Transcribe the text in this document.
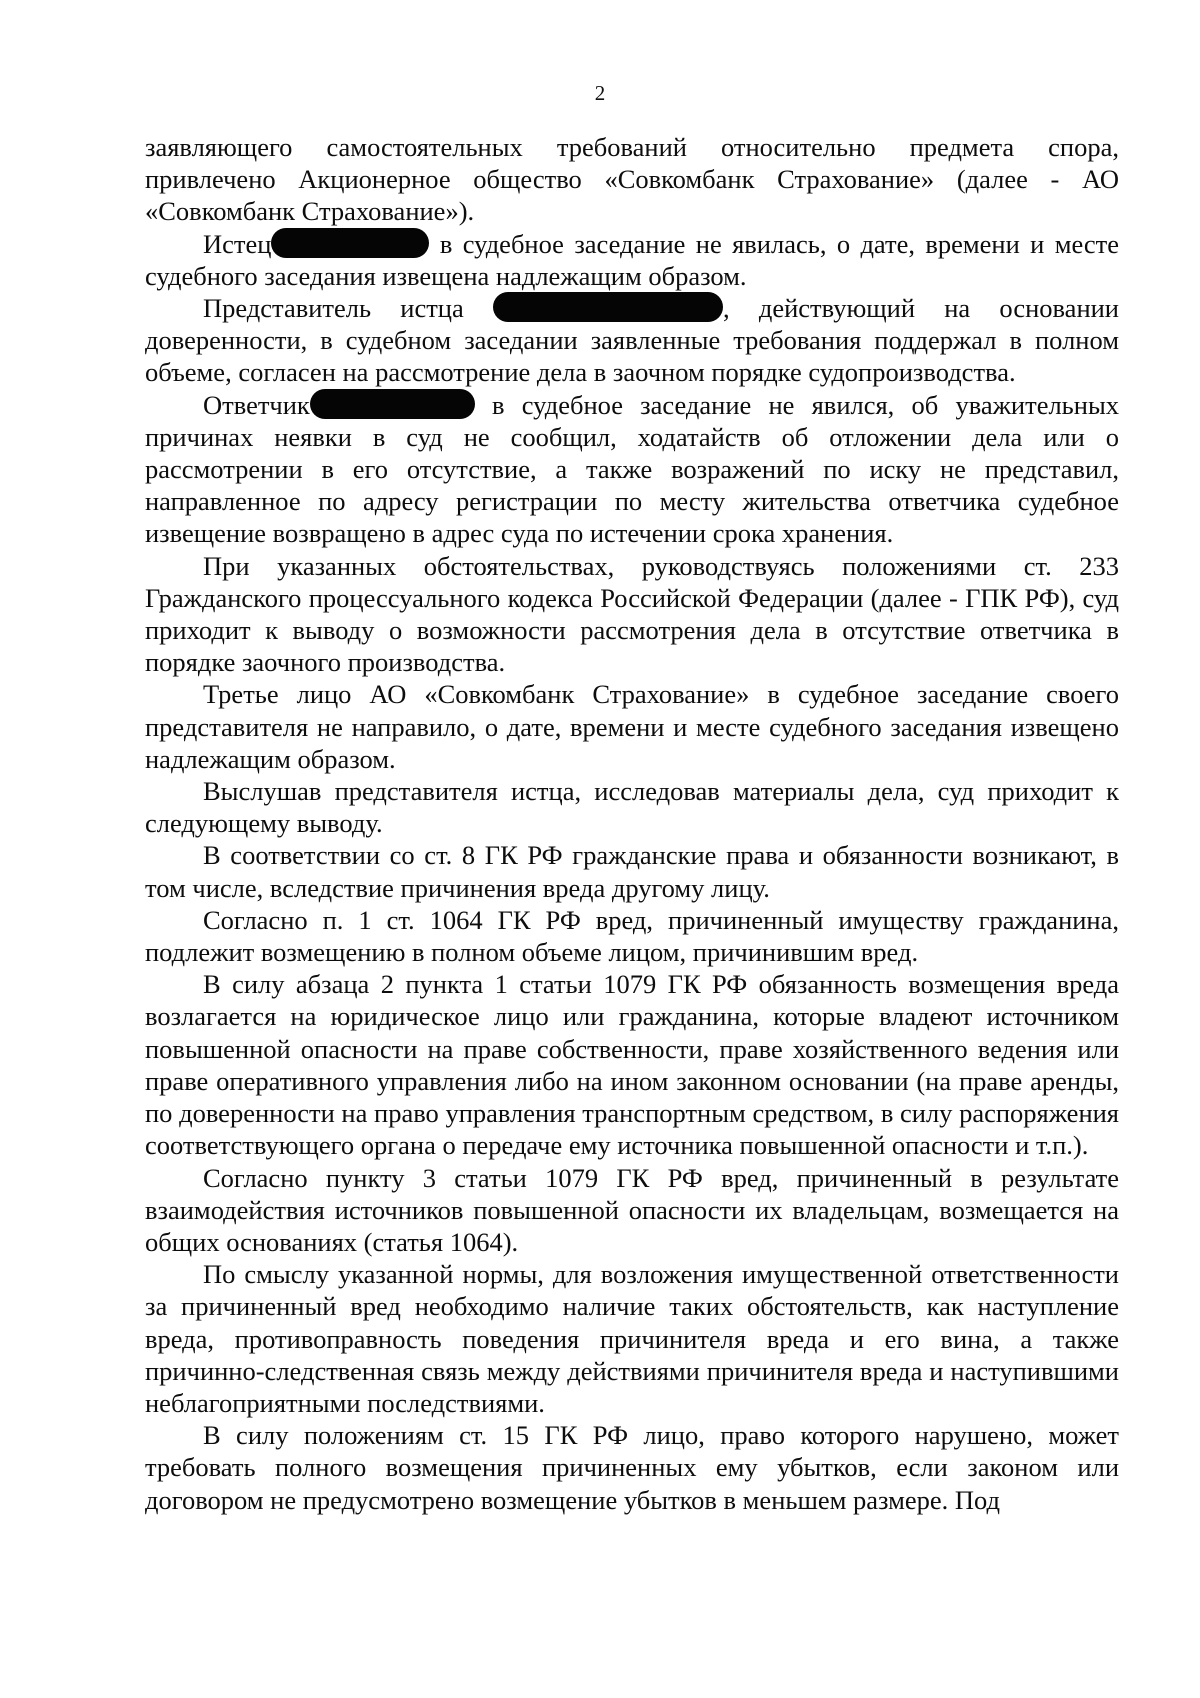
2

заявляющего самостоятельных требований относительно предмета спора, привлечено Акционерное общество «Совкомбанк Страхование» (далее - АО «Совкомбанк Страхование»).

Истец	в судебное заседание не явилась, о дате, времени и месте судебного заседания извещена надлежащим образом.

Представитель истца	, действующий на основании доверенности, в судебном заседании заявленные требования поддержал в полном объеме, согласен на рассмотрение дела в заочном порядке судопроизводства.

Ответчик	в судебное заседание не явился, об уважительных причинах неявки в суд не сообщил, ходатайств об отложении дела или о рассмотрении в его отсутствие, а также возражений по иску не представил, направленное по адресу регистрации по месту жительства ответчика судебное извещение возвращено в адрес суда по истечении срока хранения.

При указанных обстоятельствах, руководствуясь положениями ст. 233 Гражданского процессуального кодекса Российской Федерации (далее - ГПК РФ), суд приходит к выводу о возможности рассмотрения дела в отсутствие ответчика в порядке заочного производства.

Третье лицо АО «Совкомбанк Страхование» в судебное заседание своего представителя не направило, о дате, времени и месте судебного заседания извещено надлежащим образом.

Выслушав представителя истца, исследовав материалы дела, суд приходит к следующему выводу.

В соответствии со ст. 8 ГК РФ гражданские права и обязанности возникают, в том числе, вследствие причинения вреда другому лицу.

Согласно п. 1 ст. 1064 ГК РФ вред, причиненный имуществу гражданина, подлежит возмещению в полном объеме лицом, причинившим вред.

В силу абзаца 2 пункта 1 статьи 1079 ГК РФ обязанность возмещения вреда возлагается на юридическое лицо или гражданина, которые владеют источником повышенной опасности на праве собственности, праве хозяйственного ведения или праве оперативного управления либо на ином законном основании (на праве аренды, по доверенности на право управления транспортным средством, в силу распоряжения соответствующего органа о передаче ему источника повышенной опасности и т.п.).

Согласно пункту 3 статьи 1079 ГК РФ вред, причиненный в результате взаимодействия источников повышенной опасности их владельцам, возмещается на общих основаниях (статья 1064).

По смыслу указанной нормы, для возложения имущественной ответственности за причиненный вред необходимо наличие таких обстоятельств, как наступление вреда, противоправность поведения причинителя вреда и его вина, а также причинно-следственная связь между действиями причинителя вреда и наступившими неблагоприятными последствиями.

В силу положениям ст. 15 ГК РФ лицо, право которого нарушено, может требовать полного возмещения причиненных ему убытков, если законом или договором не предусмотрено возмещение убытков в меньшем размере. Под
